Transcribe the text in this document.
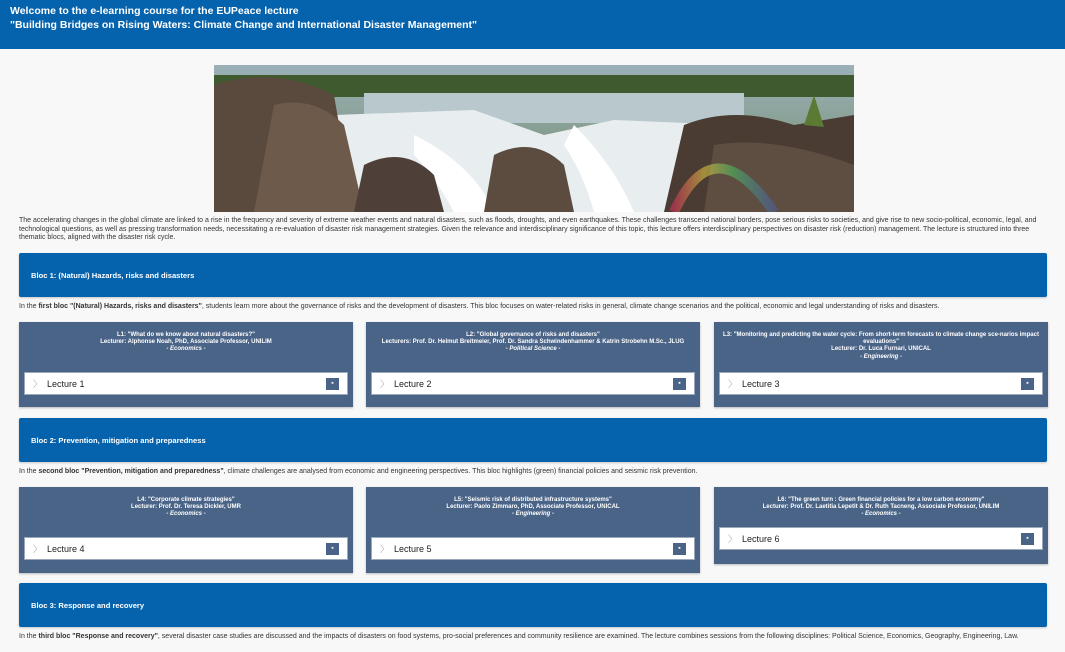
Welcome to the e-learning course for the EUPeace lecture
"Building Bridges on Rising Waters: Climate Change and International Disaster Management"
The accelerating changes in the global climate are linked to a rise in the frequency and severity of extreme weather events and natural disasters, such as floods, droughts, and even earthquakes. These challenges transcend national borders, pose serious risks to societies, and give rise to new socio-political, economic, legal, and technological questions, as well as pressing transformation needs, necessitating a re-evaluation of disaster risk management strategies. Given the relevance and interdisciplinary significance of this topic, this lecture offers interdisciplinary perspectives on disaster risk (reduction) management. The lecture is structured into three thematic blocs, aligned with the disaster risk cycle.
Bloc 1: (Natural) Hazards, risks and disasters
In the first bloc "(Natural) Hazards, risks and disasters", students learn more about the governance of risks and the development of disasters. This bloc focuses on water-related risks in general, climate change scenarios and the political, economic and legal understanding of risks and disasters.
L1: "What do we know about natural disasters?"
Lecturer: Alphonse Noah, PhD, Associate Professor, UNILIM
- Economics -
〉 Lecture 1	▪
L2: "Global governance of risks and disasters"
Lecturers: Prof. Dr. Helmut Breitmeier, Prof. Dr. Sandra Schwindenhammer & Katrin Strobehn M.Sc., JLUG
- Political Science -
〉 Lecture 2	▪
L3: "Monitoring and predicting the water cycle: From short-term forecasts to climate change sce-narios impact evaluations"
Lecturer: Dr. Luca Furnari, UNICAL
- Engineering -
〉 Lecture 3	▪
Bloc 2: Prevention, mitigation and preparedness
In the second bloc "Prevention, mitigation and preparedness", climate challenges are analysed from economic and engineering perspectives. This bloc highlights (green) financial policies and seismic risk prevention.
L4: "Corporate climate strategies"
Lecturer: Prof. Dr. Teresa Dickler, UMR
- Economics -
〉 Lecture 4	▪
L5: "Seismic risk of distributed infrastructure systems"
Lecturer: Paolo Zimmaro, PhD, Associate Professor, UNICAL
- Engineering -
〉 Lecture 5	▪
L6: "The green turn : Green financial policies for a low carbon economy"
Lecturer: Prof. Dr. Laetitia Lepetit & Dr. Ruth Tacneng, Associate Professor, UNILIM
- Economics -
〉 Lecture 6	▪
Bloc 3: Response and recovery
In the third bloc "Response and recovery", several disaster case studies are discussed and the impacts of disasters on food systems, pro-social preferences and community resilience are examined. The lecture combines sessions from the following disciplines: Political Science, Economics, Geography, Engineering, Law.
